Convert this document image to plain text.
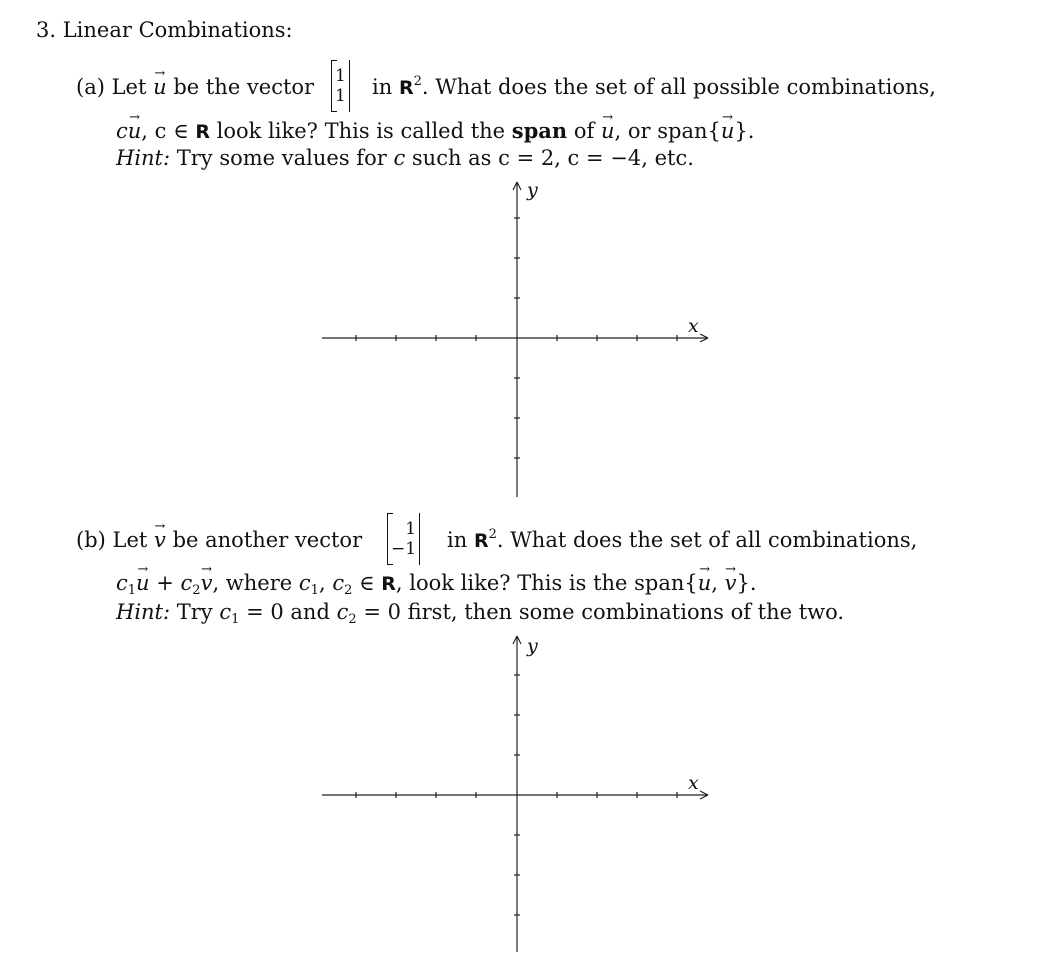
3. Linear Combinations:
(a) Let → u be the vector 1
1 in $R^2$. What does the set of all possible combinations,
c→ u, c ∈ R look like? This is called the span of → u, or span{→ u}.
Hint: Try some values for c such as c = 2, c = −4, etc.
x
y
(b) Let → v be another vector	1
−1 in $R^2$. What does the set of all combinations,
$c_1\to u + c_2\to v$, where $c_1$, $c_2$ ∈ R, look like? This is the span{→ u, → v}.
Hint: Try $c_1 = 0$ and $c_2 = 0$ first, then some combinations of the two.
x
y
